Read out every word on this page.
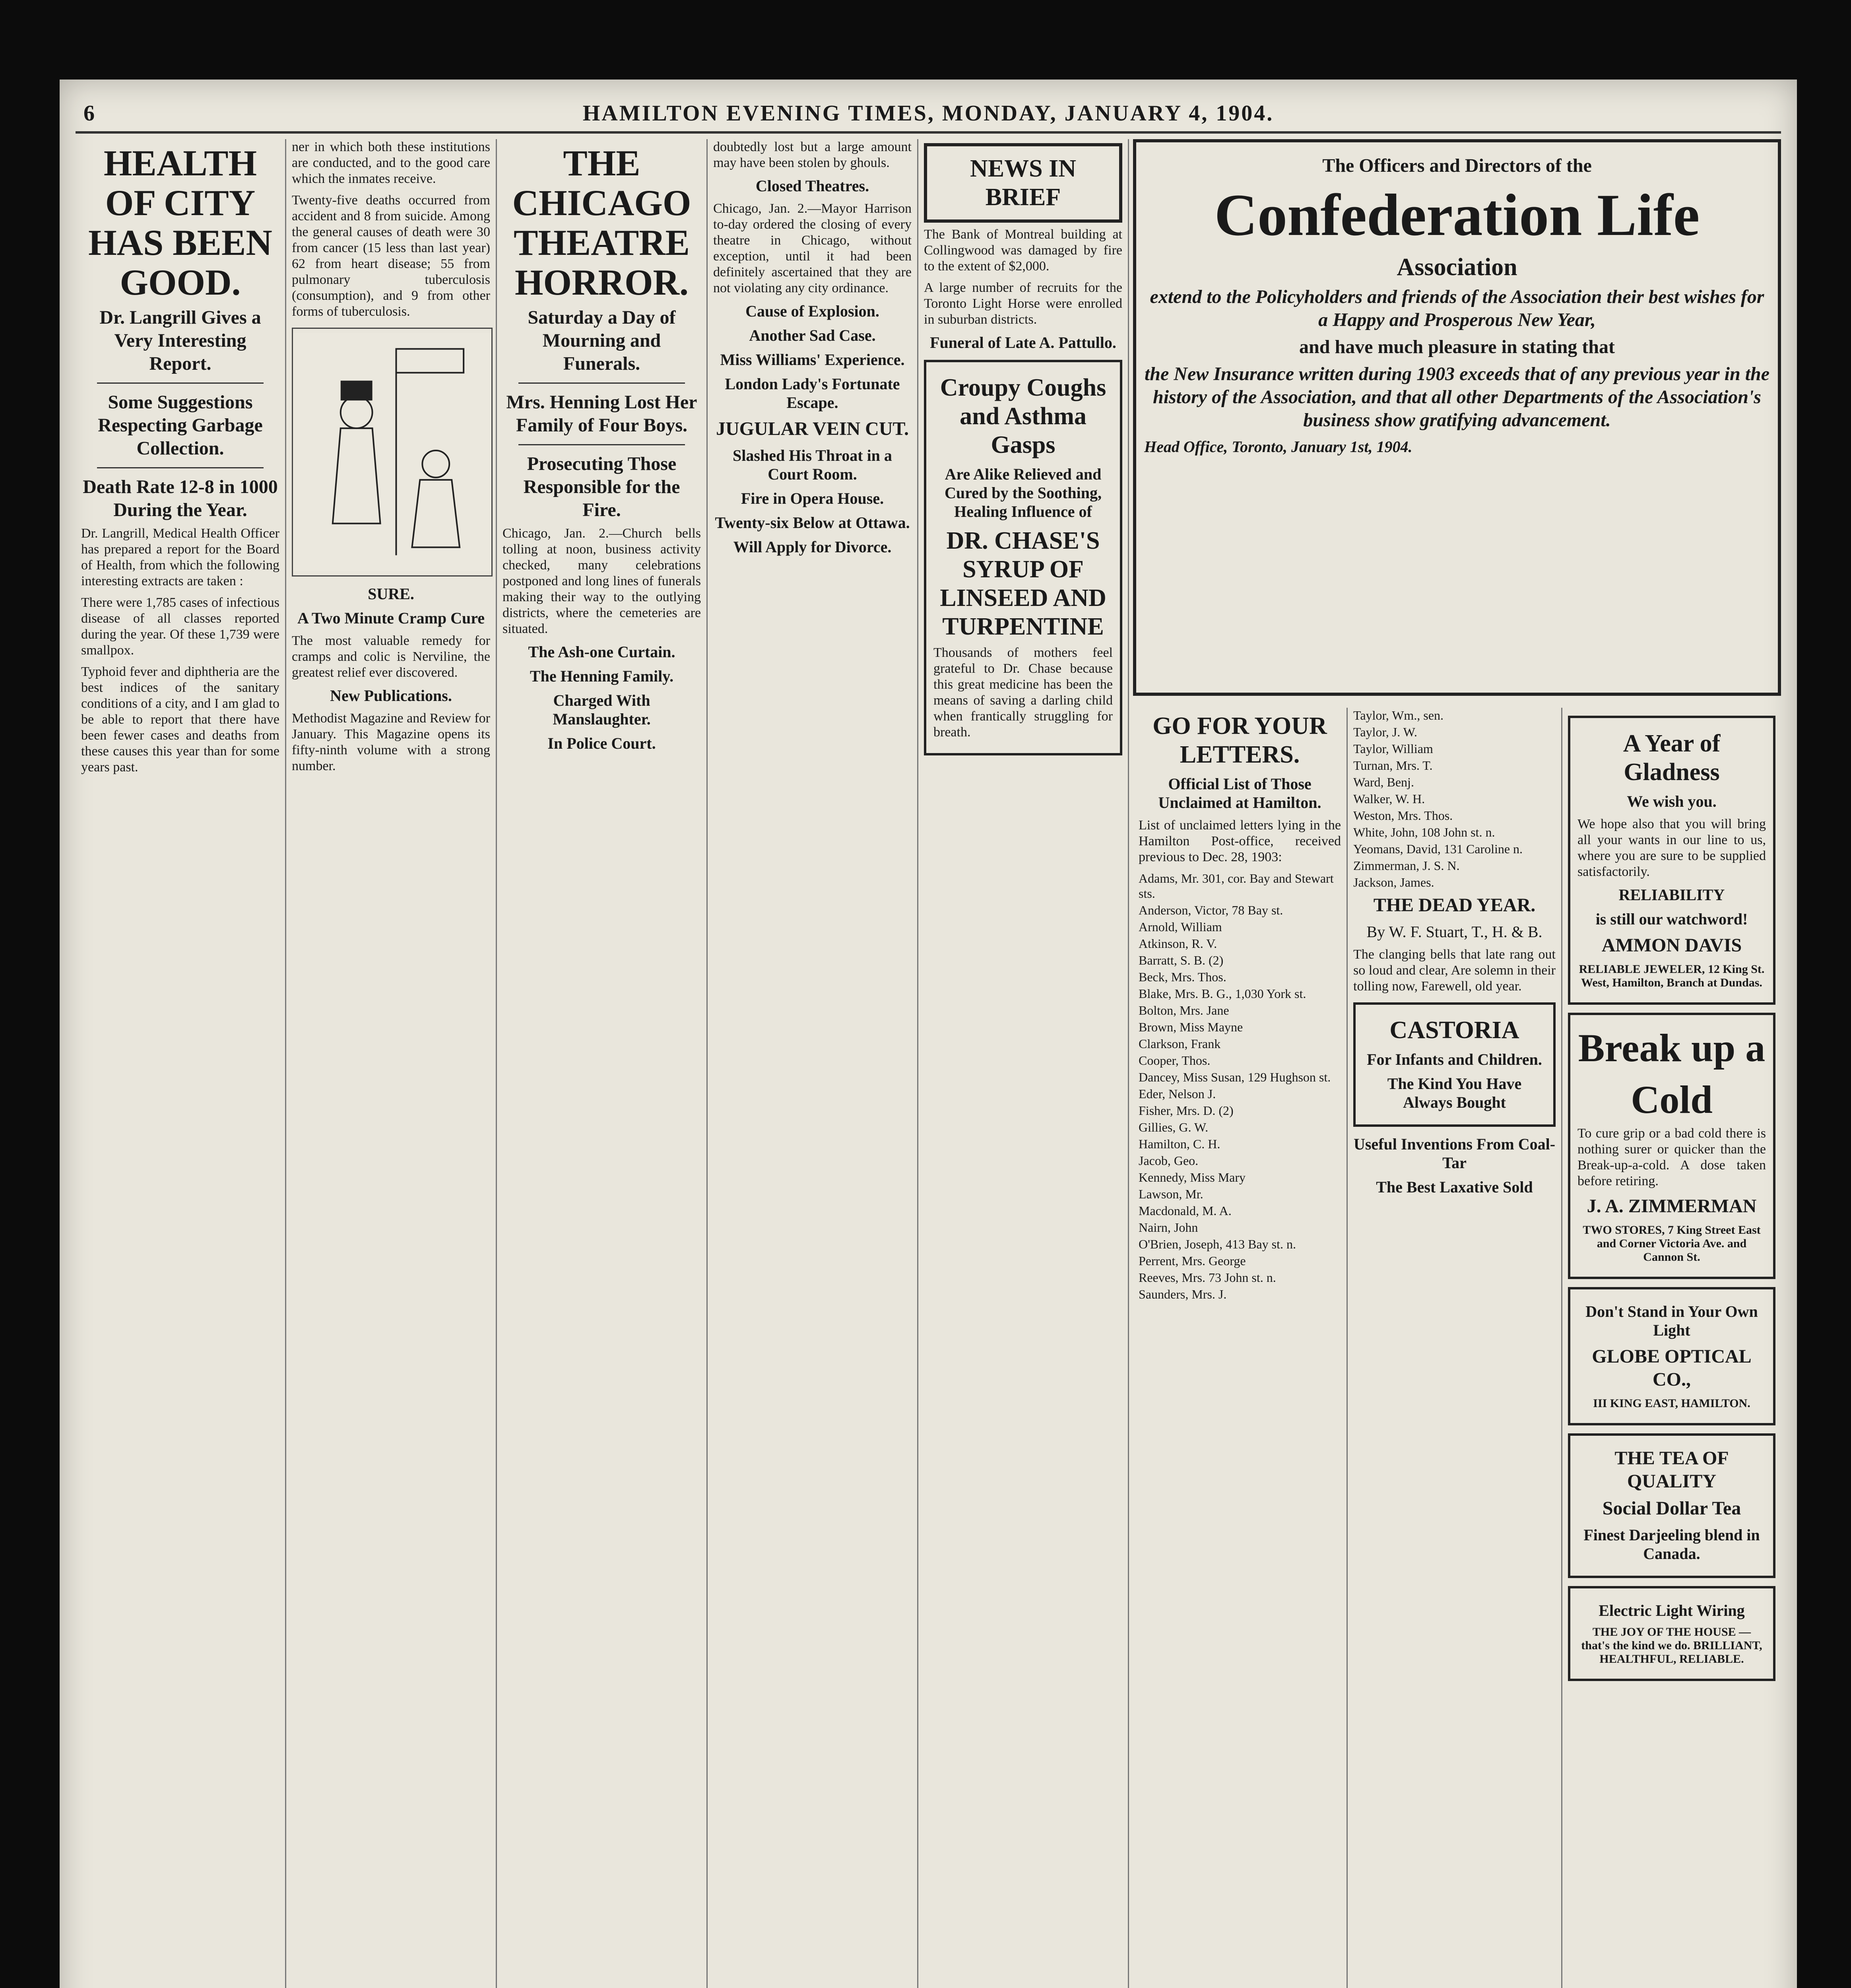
6	HAMILTON EVENING TIMES, MONDAY, JANUARY 4, 1904.
HEALTH OF CITY HAS BEEN GOOD.
Dr. Langrill Gives a Very Interesting Report.
Some Suggestions Respecting Garbage Collection.
Death Rate 12-8 in 1000 During the Year.

Dr. Langrill, Medical Health Officer has prepared a report for the Board of Health, from which the following interesting extracts are taken :

There were 1,785 cases of infectious disease of all classes reported during the year. Of these 1,739 were smallpox.

Typhoid fever and diphtheria are the best indices of the sanitary conditions of a city, and I am glad to be able to report that there have been fewer cases and deaths from these causes this year than for some years past.

ner in which both these institutions are conducted, and to the good care which the inmates receive.

Twenty-five deaths occurred from accident and 8 from suicide. Among the general causes of death were 30 from cancer (15 less than last year) 62 from heart disease; 55 from pulmonary tuberculosis (consumption), and 9 from other forms of tuberculosis.

SURE.
A Two Minute Cramp Cure

The most valuable remedy for cramps and colic is Nerviline, the greatest relief ever discovered.

New Publications.

Methodist Magazine and Review for January. This Magazine opens its fifty-ninth volume with a strong number.

THE CHICAGO THEATRE HORROR.
Saturday a Day of Mourning and Funerals.
Mrs. Henning Lost Her Family of Four Boys.
Prosecuting Those Responsible for the Fire.

Chicago, Jan. 2.—Church bells tolling at noon, business activity checked, many celebrations postponed and long lines of funerals making their way to the outlying districts, where the cemeteries are situated.

The Ash-one Curtain.
The Henning Family.
Charged With Manslaughter.
In Police Court.

doubtedly lost but a large amount may have been stolen by ghouls.

Closed Theatres.

Chicago, Jan. 2.—Mayor Harrison to-day ordered the closing of every theatre in Chicago, without exception, until it had been definitely ascertained that they are not violating any city ordinance.

Cause of Explosion.
Another Sad Case.
Miss Williams' Experience.
London Lady's Fortunate Escape.
JUGULAR VEIN CUT.
Slashed His Throat in a Court Room.
Fire in Opera House.
Twenty-six Below at Ottawa.
Will Apply for Divorce.
NEWS IN BRIEF

The Bank of Montreal building at Collingwood was damaged by fire to the extent of $2,000.

A large number of recruits for the Toronto Light Horse were enrolled in suburban districts.

Funeral of Late A. Pattullo.
Croupy Coughs and Asthma Gasps
Are Alike Relieved and Cured by the Soothing, Healing Influence of
DR. CHASE'S SYRUP OF LINSEED AND TURPENTINE

Thousands of mothers feel grateful to Dr. Chase because this great medicine has been the means of saving a darling child when frantically struggling for breath.

The Officers and Directors of the
Confederation Life
Association
extend to the Policyholders and friends of the Association their best wishes for a Happy and Prosperous New Year,
and have much pleasure in stating that
the New Insurance written during 1903 exceeds that of any previous year in the history of the Association, and that all other Departments of the Association's business show gratifying advancement.
Head Office, Toronto, January 1st, 1904.
GO FOR YOUR LETTERS.
Official List of Those Unclaimed at Hamilton.

List of unclaimed letters lying in the Hamilton Post-office, received previous to Dec. 28, 1903:

Adams, Mr. 301, cor. Bay and Stewart sts.

Anderson, Victor, 78 Bay st.

Arnold, William

Atkinson, R. V.

Barratt, S. B. (2)

Beck, Mrs. Thos.

Blake, Mrs. B. G., 1,030 York st.

Bolton, Mrs. Jane

Brown, Miss Mayne

Clarkson, Frank

Cooper, Thos.

Dancey, Miss Susan, 129 Hughson st.

Eder, Nelson J.

Fisher, Mrs. D. (2)

Gillies, G. W.

Hamilton, C. H.

Jacob, Geo.

Kennedy, Miss Mary

Lawson, Mr.

Macdonald, M. A.

Nairn, John

O'Brien, Joseph, 413 Bay st. n.

Perrent, Mrs. George

Reeves, Mrs. 73 John st. n.

Saunders, Mrs. J.

Taylor, Wm., sen.

Taylor, J. W.

Taylor, William

Turnan, Mrs. T.

Ward, Benj.

Walker, W. H.

Weston, Mrs. Thos.

White, John, 108 John st. n.

Yeomans, David, 131 Caroline n.

Zimmerman, J. S. N.

Jackson, James.

THE DEAD YEAR.
By W. F. Stuart, T., H. & B.

The clanging bells that late rang out so loud and clear, Are solemn in their tolling now, Farewell, old year.

CASTORIA
For Infants and Children.
The Kind You Have Always Bought
Useful Inventions From Coal-Tar
The Best Laxative Sold
A Year of Gladness
We wish you.

We hope also that you will bring all your wants in our line to us, where you are sure to be supplied satisfactorily.

RELIABILITY
is still our watchword!
AMMON DAVIS
RELIABLE JEWELER, 12 King St. West, Hamilton, Branch at Dundas.
Break up a Cold

To cure grip or a bad cold there is nothing surer or quicker than the Break-up-a-cold. A dose taken before retiring.

J. A. ZIMMERMAN
TWO STORES, 7 King Street East and Corner Victoria Ave. and Cannon St.
Don't Stand in Your Own Light
GLOBE OPTICAL CO.,
III KING EAST, HAMILTON.
THE TEA OF QUALITY
Social Dollar Tea
Finest Darjeeling blend in Canada.
Electric Light Wiring
THE JOY OF THE HOUSE — that's the kind we do. BRILLIANT, HEALTHFUL, RELIABLE.
